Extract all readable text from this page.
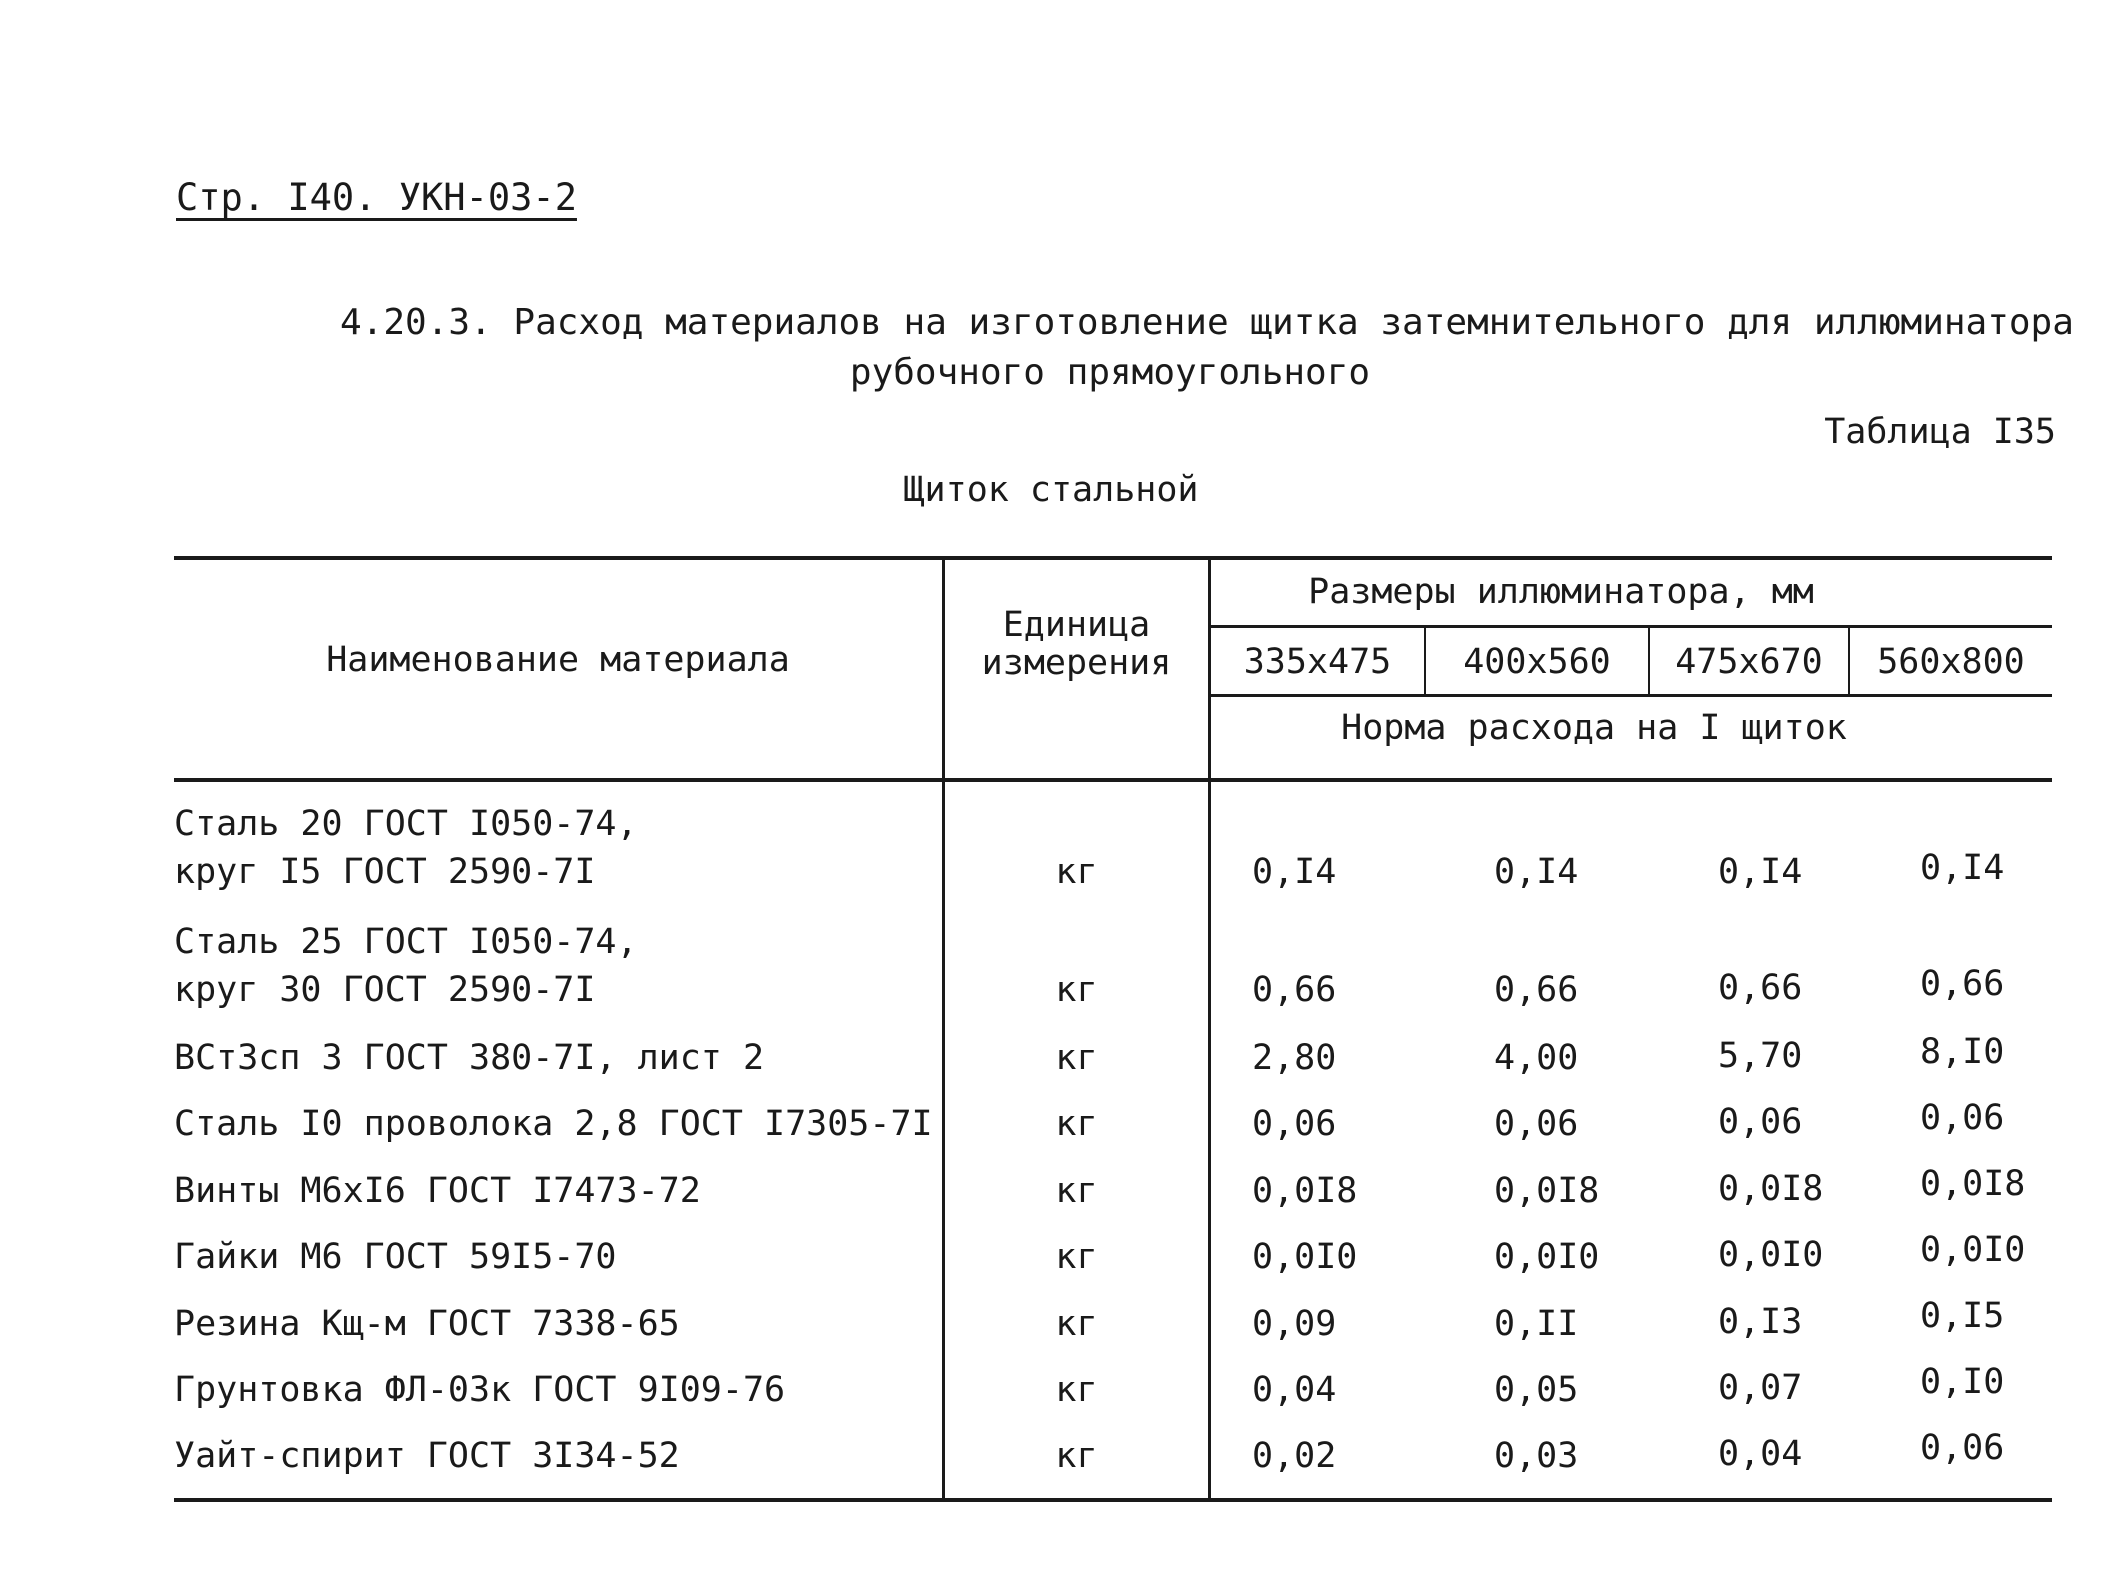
Стр. I40. УКН-03-2
4.20.3. Расход материалов на изготовление щитка затемнительного для иллюминатора
рубочного прямоугольного
Таблица I35
Щиток стальной
Наименование материала
Единица
измерения
Размеры иллюминатора, мм
335х475	400х560	475х670	560х800
Норма расхода на I щиток
Сталь 20 ГОСТ I050-74,
круг I5 ГОСТ 2590-7I	кг	0,I4	0,I4	0,I4	0,I4
Сталь 25 ГОСТ I050-74,
круг 30 ГОСТ 2590-7I	кг	0,66	0,66	0,66	0,66
ВСт3сп 3 ГОСТ 380-7I, лист 2	кг	2,80	4,00	5,70	8,I0
Сталь I0 проволока 2,8 ГОСТ I7305-7I	кг	0,06	0,06	0,06	0,06
Винты М6хI6 ГОСТ I7473-72	кг	0,0I8	0,0I8	0,0I8	0,0I8
Гайки М6 ГОСТ 59I5-70	кг	0,0I0	0,0I0	0,0I0	0,0I0
Резина Кщ-м ГОСТ 7338-65	кг	0,09	0,II	0,I3	0,I5
Грунтовка ФЛ-03к ГОСТ 9I09-76	кг	0,04	0,05	0,07	0,I0
Уайт-спирит ГОСТ 3I34-52	кг	0,02	0,03	0,04	0,06
